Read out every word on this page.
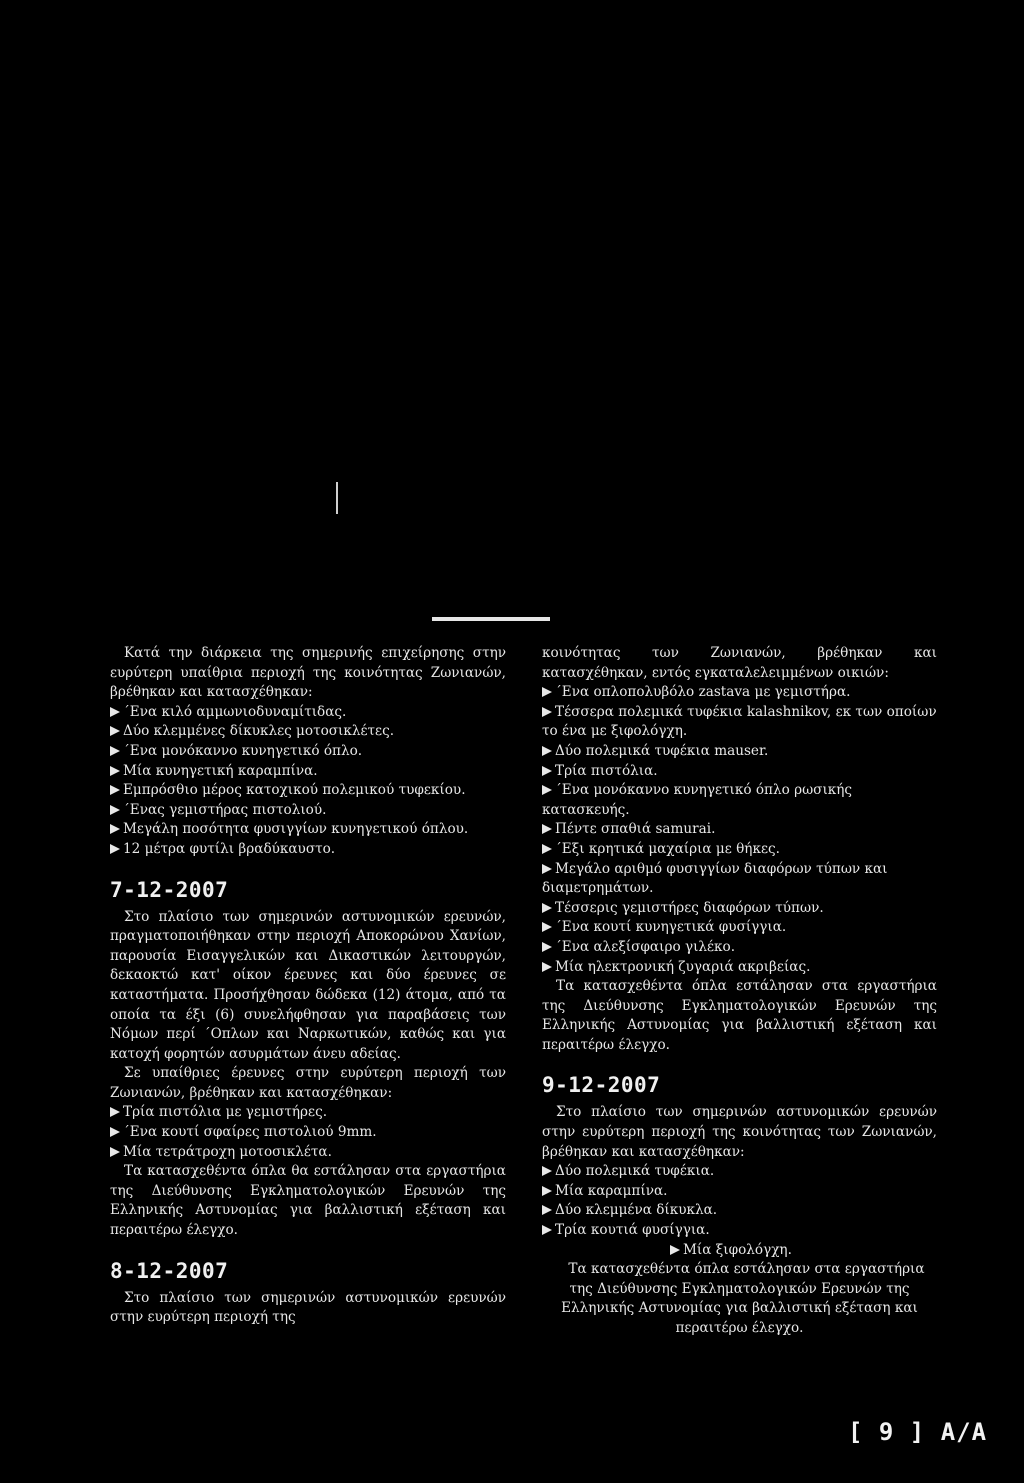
Κατά την διάρκεια της σημερινής επιχείρησης στην ευρύτερη υπαίθρια περιοχή της κοινότητας Ζωνιανών, βρέθηκαν και κατασχέθηκαν:

΄Ενα κιλό αμμωνιοδυναμίτιδας.
Δύο κλεμμένες δίκυκλες μοτοσικλέτες.
΄Ενα μονόκαννο κυνηγετικό όπλο.
Μία κυνηγετική καραμπίνα.
Εμπρόσθιο μέρος κατοχικού πολεμικού τυφεκίου.
΄Ενας γεμιστήρας πιστολιού.
Μεγάλη ποσότητα φυσιγγίων κυνηγετικού όπλου.
12 μέτρα φυτίλι βραδύκαυστο.
7-12-2007

Στο πλαίσιο των σημερινών αστυνομικών ερευνών, πραγματοποιήθηκαν στην περιοχή Αποκορώνου Χανίων, παρουσία Εισαγγελικών και Δικαστικών λειτουργών, δεκαοκτώ κατ' οίκον έρευνες και δύο έρευνες σε καταστήματα. Προσήχθησαν δώδεκα (12) άτομα, από τα οποία τα έξι (6) συνελήφθησαν για παραβάσεις των Νόμων περί ΄Οπλων και Ναρκωτικών, καθώς και για κατοχή φορητών ασυρμάτων άνευ αδείας.

Σε υπαίθριες έρευνες στην ευρύτερη περιοχή των Ζωνιανών, βρέθηκαν και κατασχέθηκαν:

Τρία πιστόλια με γεμιστήρες.
΄Ενα κουτί σφαίρες πιστολιού 9mm.
Μία τετράτροχη μοτοσικλέτα.

Τα κατασχεθέντα όπλα θα εστάλησαν στα εργαστήρια της Διεύθυνσης Εγκληματολογικών Ερευνών της Ελληνικής Αστυνομίας για βαλλιστική εξέταση και περαιτέρω έλεγχο.

8-12-2007

Στο πλαίσιο των σημερινών αστυνομικών ερευνών στην ευρύτερη περιοχή της

κοινότητας των Ζωνιανών, βρέθηκαν και κατασχέθηκαν, εντός εγκαταλελειμμένων οικιών:

΄Ενα οπλοπολυβόλο zastava με γεμιστήρα.
Τέσσερα πολεμικά τυφέκια kalashnikov, εκ των οποίων το ένα με ξιφολόγχη.
Δύο πολεμικά τυφέκια mauser.
Τρία πιστόλια.
΄Ενα μονόκαννο κυνηγετικό όπλο ρωσικής κατασκευής.
Πέντε σπαθιά samurai.
΄Εξι κρητικά μαχαίρια με θήκες.
Μεγάλο αριθμό φυσιγγίων διαφόρων τύπων και διαμετρημάτων.
Τέσσερις γεμιστήρες διαφόρων τύπων.
΄Ενα κουτί κυνηγετικά φυσίγγια.
΄Ενα αλεξίσφαιρο γιλέκο.
Μία ηλεκτρονική ζυγαριά ακριβείας.

Τα κατασχεθέντα όπλα εστάλησαν στα εργαστήρια της Διεύθυνσης Εγκληματολογικών Ερευνών της Ελληνικής Αστυνομίας για βαλλιστική εξέταση και περαιτέρω έλεγχο.

9-12-2007

Στο πλαίσιο των σημερινών αστυνομικών ερευνών στην ευρύτερη περιοχή της κοινότητας των Ζωνιανών, βρέθηκαν και κατασχέθηκαν:

Δύο πολεμικά τυφέκια.
Μία καραμπίνα.
Δύο κλεμμένα δίκυκλα.
Τρία κουτιά φυσίγγια.
Μία ξιφολόγχη.

Τα κατασχεθέντα όπλα εστάλησαν στα εργαστήρια της Διεύθυνσης Εγκληματολογικών Ερευνών της Ελληνικής Αστυνομίας για βαλλιστική εξέταση και περαιτέρω έλεγχο.

[ 9 ] Α/Α
